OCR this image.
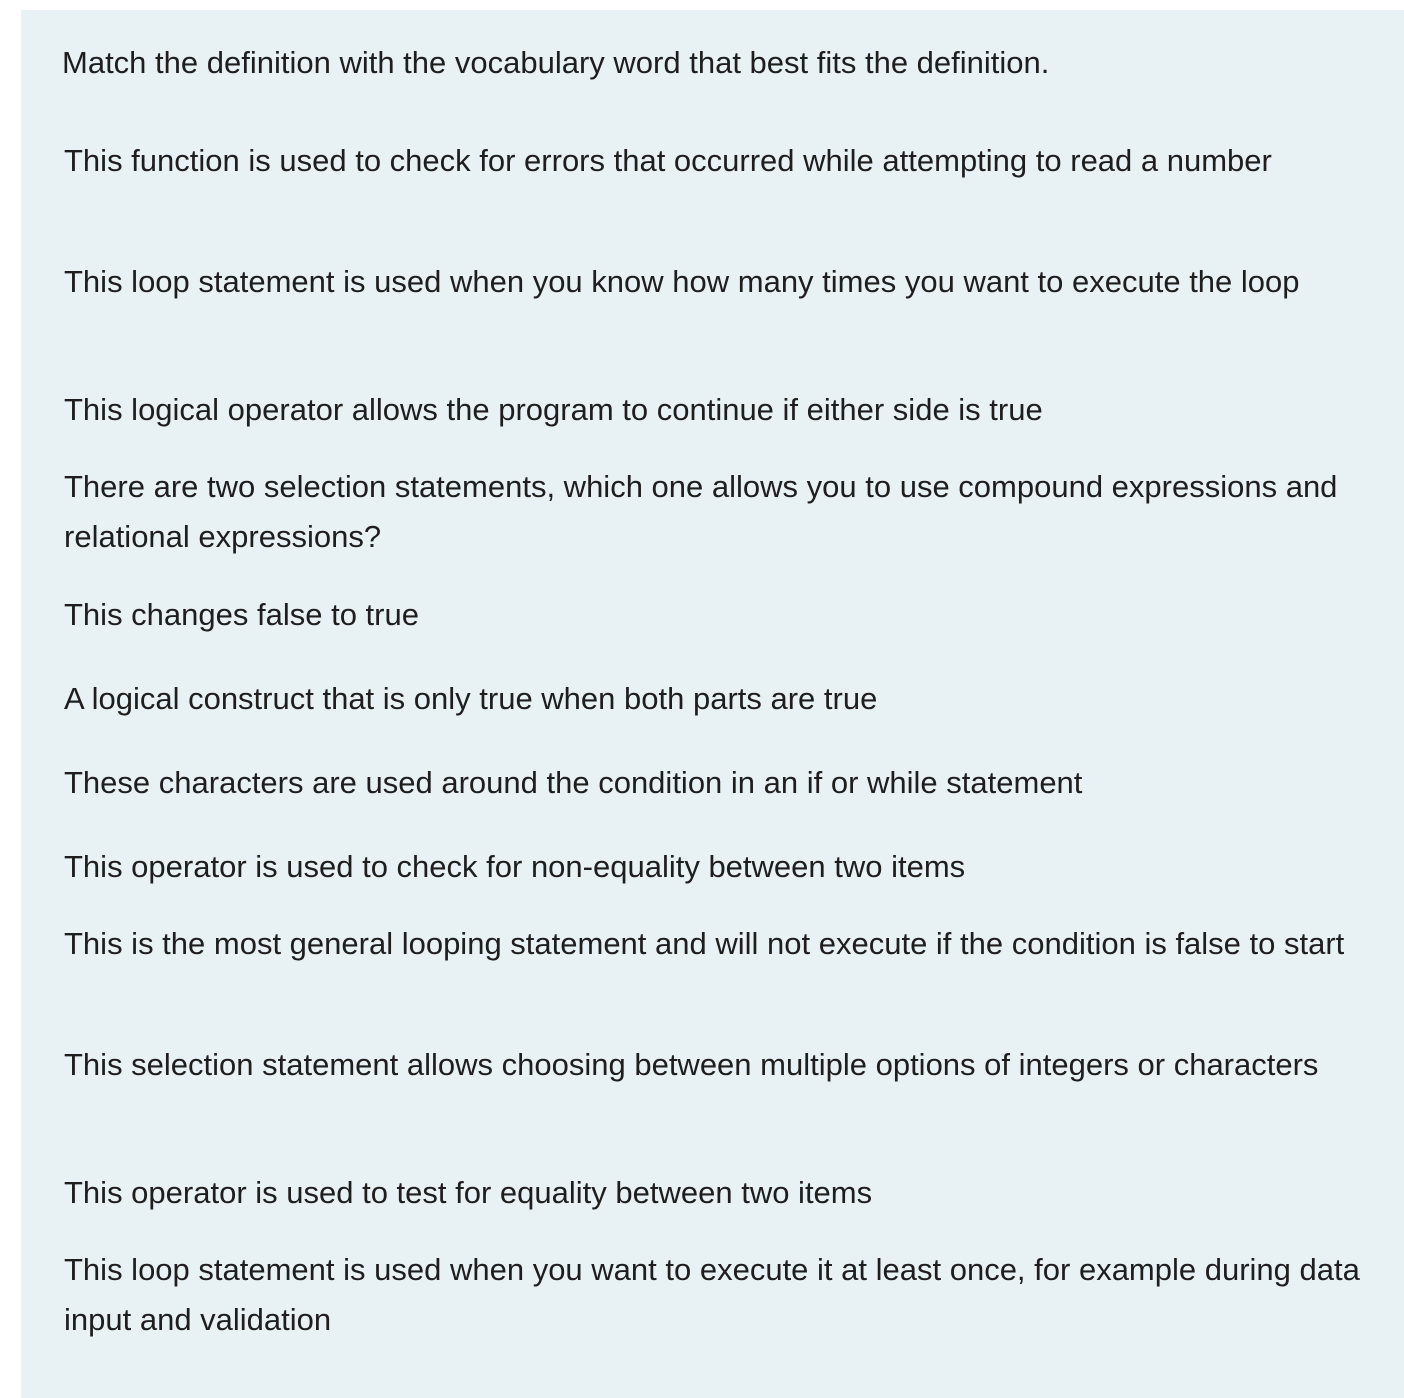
Match the definition with the vocabulary word that best fits the definition.

This function is used to check for errors that occurred while attempting to read a number
This loop statement is used when you know how many times you want to execute the loop
This logical operator allows the program to continue if either side is true
There are two selection statements, which one allows you to use compound expressions and relational expressions?
This changes false to true
A logical construct that is only true when both parts are true
These characters are used around the condition in an if or while statement
This operator is used to check for non-equality between two items
This is the most general looping statement and will not execute if the condition is false to start
This selection statement allows choosing between multiple options of integers or characters
This operator is used to test for equality between two items
This loop statement is used when you want to execute it at least once, for example during data input and validation
